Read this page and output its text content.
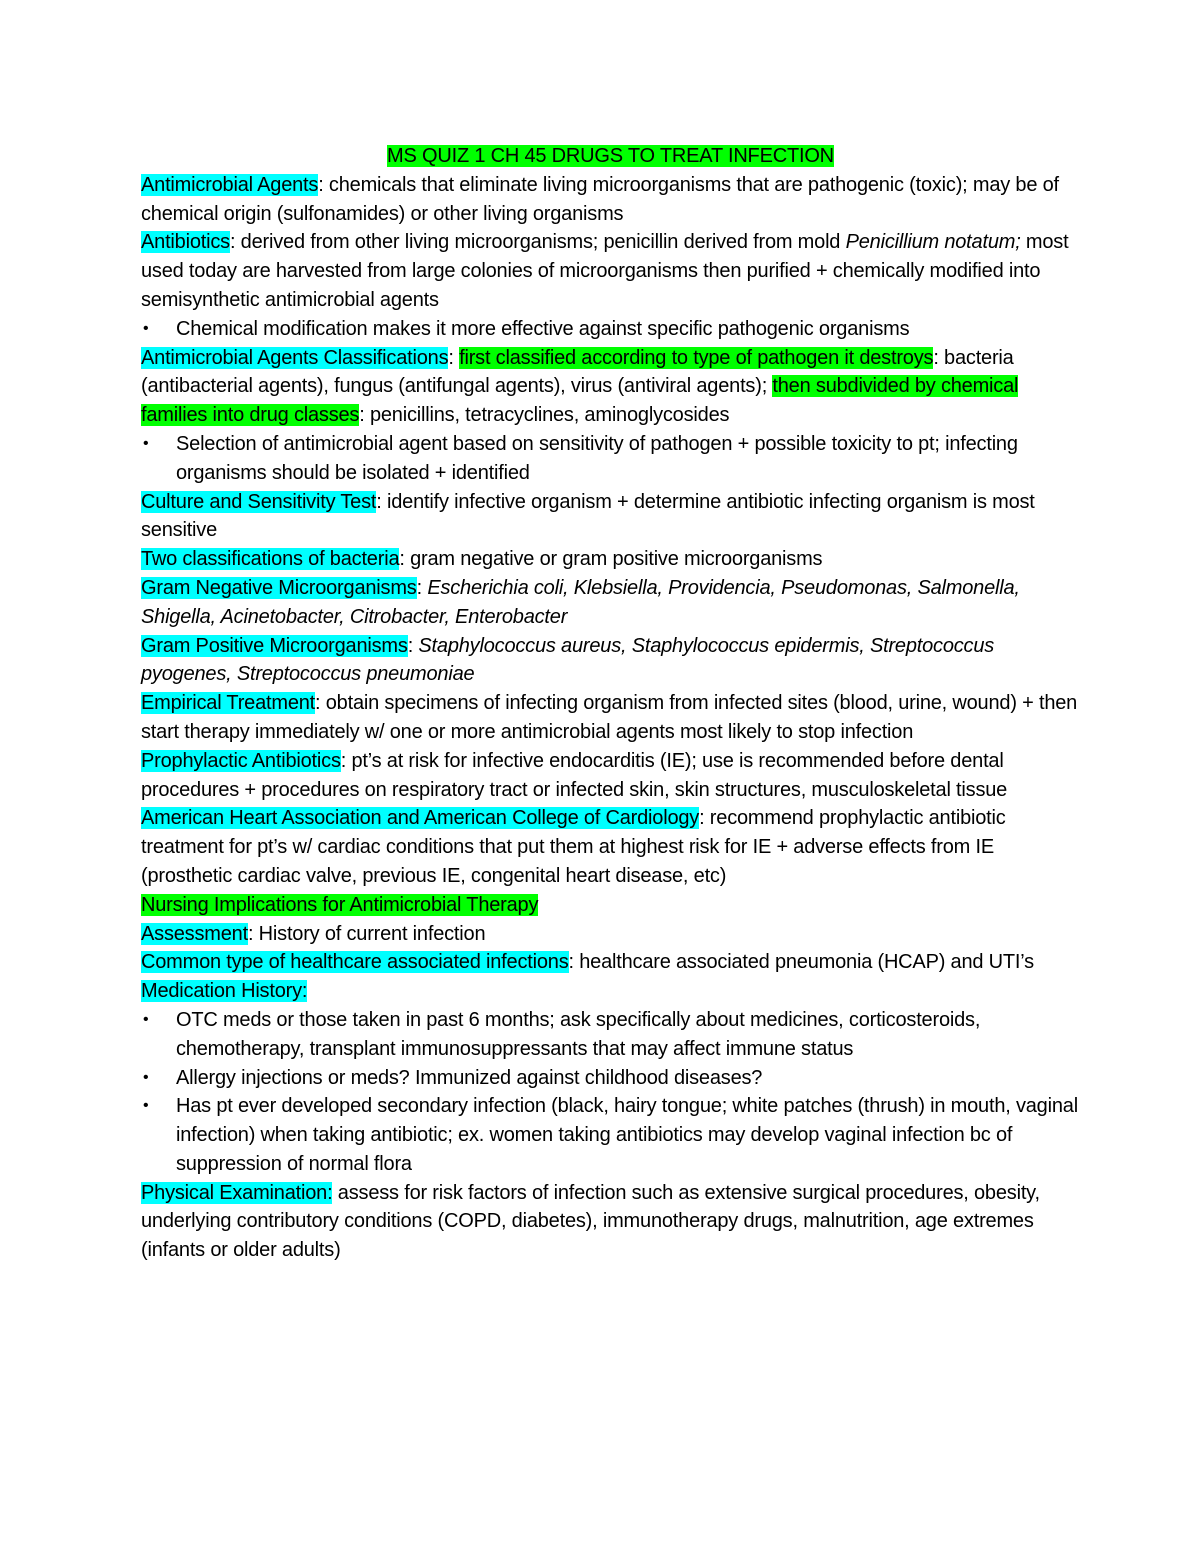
MS QUIZ 1 CH 45 DRUGS TO TREAT INFECTION

Antimicrobial Agents: chemicals that eliminate living microorganisms that are pathogenic (toxic); may be of chemical origin (sulfonamides) or other living organisms

Antibiotics: derived from other living microorganisms; penicillin derived from mold Penicillium notatum; most used today are harvested from large colonies of microorganisms then purified + chemically modified into semisynthetic antimicrobial agents

• Chemical modification makes it more effective against specific pathogenic organisms

Antimicrobial Agents Classifications: first classified according to type of pathogen it destroys: bacteria (antibacterial agents), fungus (antifungal agents), virus (antiviral agents); then subdivided by chemical families into drug classes: penicillins, tetracyclines, aminoglycosides

• Selection of antimicrobial agent based on sensitivity of pathogen + possible toxicity to pt; infecting organisms should be isolated + identified

Culture and Sensitivity Test: identify infective organism + determine antibiotic infecting organism is most sensitive

Two classifications of bacteria: gram negative or gram positive microorganisms

Gram Negative Microorganisms: Escherichia coli, Klebsiella, Providencia, Pseudomonas, Salmonella, Shigella, Acinetobacter, Citrobacter, Enterobacter

Gram Positive Microorganisms: Staphylococcus aureus, Staphylococcus epidermis, Streptococcus pyogenes, Streptococcus pneumoniae

Empirical Treatment: obtain specimens of infecting organism from infected sites (blood, urine, wound) + then start therapy immediately w/ one or more antimicrobial agents most likely to stop infection

Prophylactic Antibiotics: pt’s at risk for infective endocarditis (IE); use is recommended before dental procedures + procedures on respiratory tract or infected skin, skin structures, musculoskeletal tissue

American Heart Association and American College of Cardiology: recommend prophylactic antibiotic treatment for pt’s w/ cardiac conditions that put them at highest risk for IE + adverse effects from IE (prosthetic cardiac valve, previous IE, congenital heart disease, etc)

Nursing Implications for Antimicrobial Therapy

Assessment: History of current infection

Common type of healthcare associated infections: healthcare associated pneumonia (HCAP) and UTI’s

Medication History:

• OTC meds or those taken in past 6 months; ask specifically about medicines, corticosteroids, chemotherapy, transplant immunosuppressants that may affect immune status
• Allergy injections or meds? Immunized against childhood diseases?
• Has pt ever developed secondary infection (black, hairy tongue; white patches (thrush) in mouth, vaginal infection) when taking antibiotic; ex. women taking antibiotics may develop vaginal infection bc of suppression of normal flora

Physical Examination: assess for risk factors of infection such as extensive surgical procedures, obesity, underlying contributory conditions (COPD, diabetes), immunotherapy drugs, malnutrition, age extremes (infants or older adults)
